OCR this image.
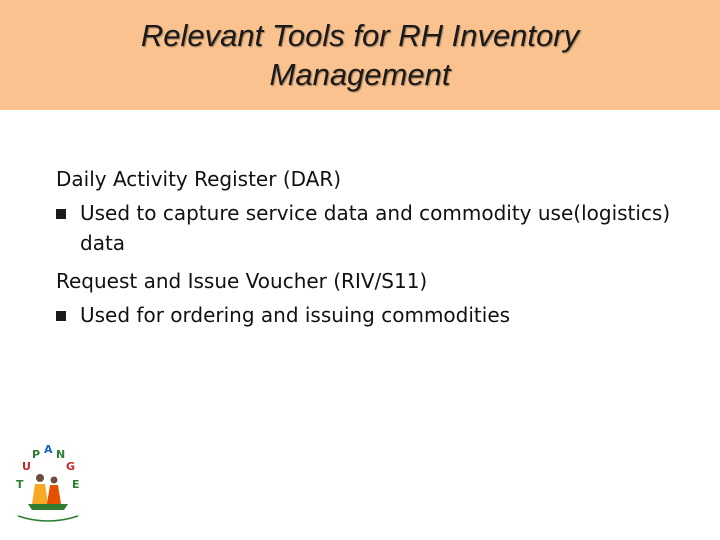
Relevant Tools for RH Inventory
Management
Daily Activity Register (DAR)
Used to capture service data and commodity use(logistics) data
Request and Issue Voucher (RIV/S11)
Used for ordering and issuing commodities
T
U
P A N
G
E
